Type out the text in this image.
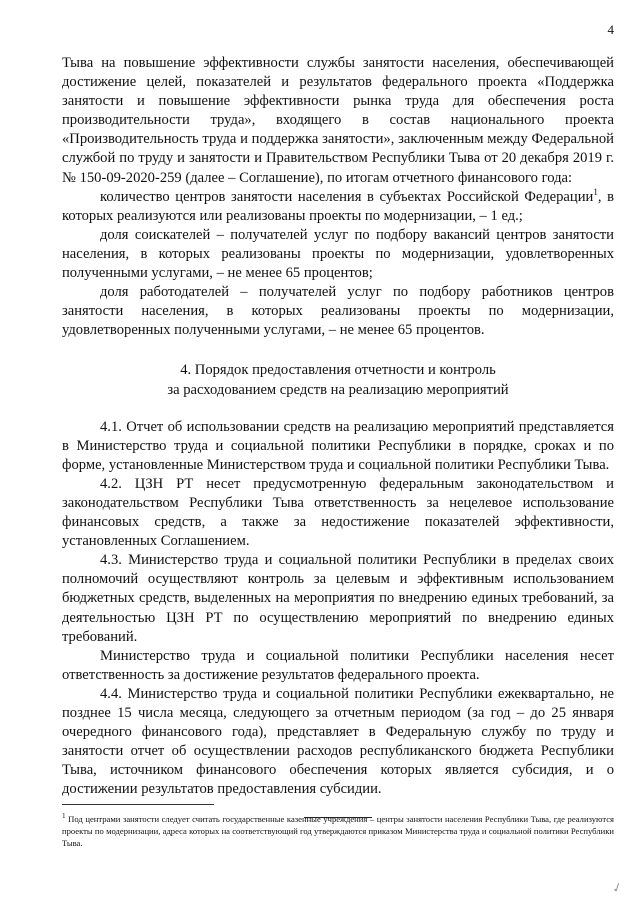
4

Тыва на повышение эффективности службы занятости населения, обеспечивающей достижение целей, показателей и результатов федерального проекта «Поддержка занятости и повышение эффективности рынка труда для обеспечения роста производительности труда», входящего в состав национального проекта «Производительность труда и поддержка занятости», заключенным между Федеральной службой по труду и занятости и Правительством Республики Тыва от 20 декабря 2019 г. № 150-09-2020-259 (далее – Соглашение), по итогам отчетного финансового года:

количество центров занятости населения в субъектах Российской Федерации$^1$, в которых реализуются или реализованы проекты по модернизации, – 1 ед.;

доля соискателей – получателей услуг по подбору вакансий центров занятости населения, в которых реализованы проекты по модернизации, удовлетворенных полученными услугами, – не менее 65 процентов;

доля работодателей – получателей услуг по подбору работников центров занятости населения, в которых реализованы проекты по модернизации, удовлетворенных полученными услугами, – не менее 65 процентов.

4. Порядок предоставления отчетности и контроль
за расходованием средств на реализацию мероприятий

4.1. Отчет об использовании средств на реализацию мероприятий представляется в Министерство труда и социальной политики Республики в порядке, сроках и по форме, установленные Министерством труда и социальной политики Республики Тыва.

4.2. ЦЗН РТ несет предусмотренную федеральным законодательством и законодательством Республики Тыва ответственность за нецелевое использование финансовых средств, а также за недостижение показателей эффективности, установленных Соглашением.

4.3. Министерство труда и социальной политики Республики в пределах своих полномочий осуществляют контроль за целевым и эффективным использованием бюджетных средств, выделенных на мероприятия по внедрению единых требований, за деятельностью ЦЗН РТ по осуществлению мероприятий по внедрению единых требований.

Министерство труда и социальной политики Республики населения несет ответственность за достижение результатов федерального проекта.

4.4. Министерство труда и социальной политики Республики ежеквартально, не позднее 15 числа месяца, следующего за отчетным периодом (за год – до 25 января очередного финансового года), представляет в Федеральную службу по труду и занятости отчет об осуществлении расходов республиканского бюджета Республики Тыва, источником финансового обеспечения которых является субсидия, и о достижении результатов предоставления субсидии.

$^1$ Под центрами занятости следует считать государственные казенные учреждения – центры занятости населения Республики Тыва, где реализуются проекты по модернизации, адреса которых на соответствующий год утверждаются приказом Министерства труда и социальной политики Республики Тыва.
✓
